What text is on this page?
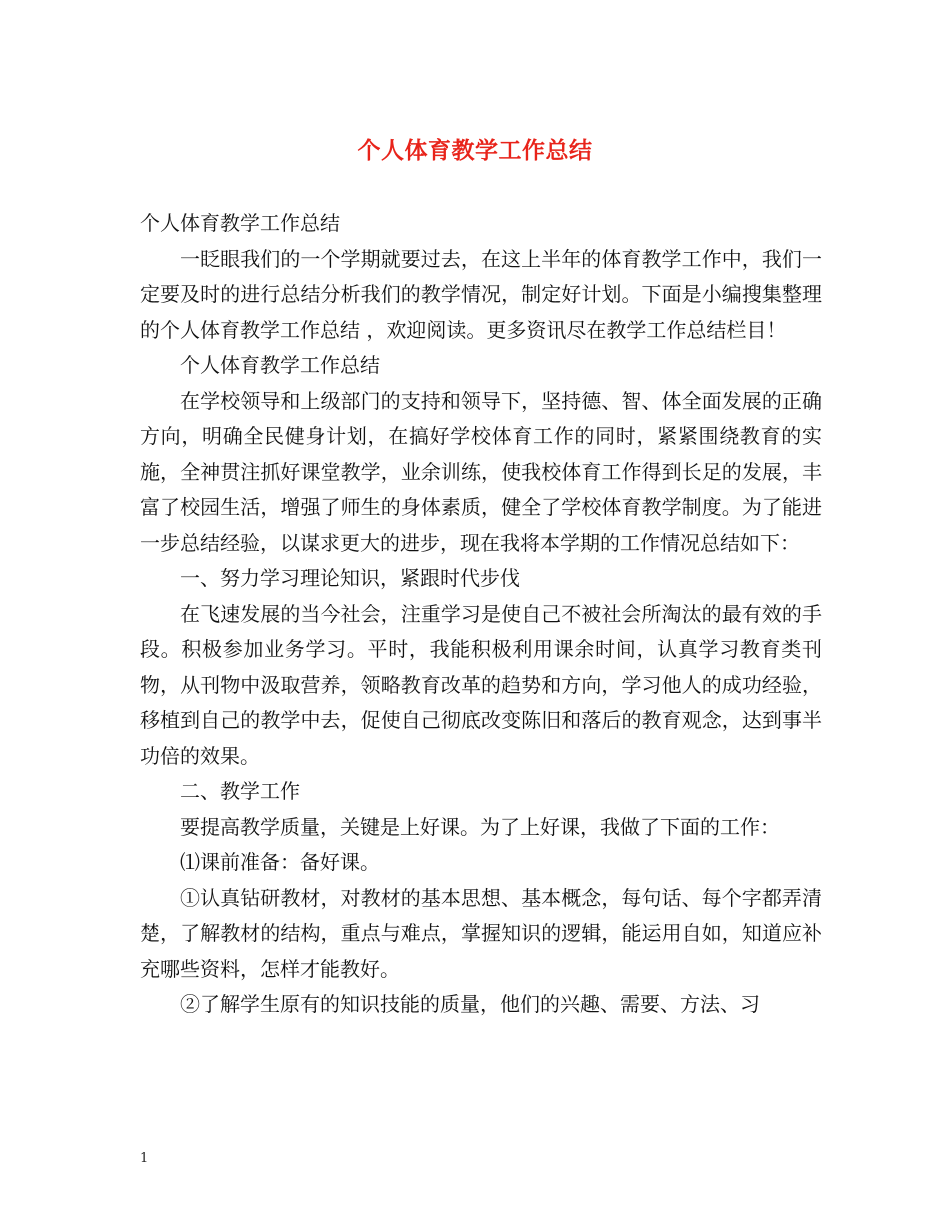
个人体育教学工作总结

个人体育教学工作总结

一眨眼我们的一个学期就要过去，在这上半年的体育教学工作中，我们一定要及时的进行总结分析我们的教学情况，制定好计划。下面是小编搜集整理的个人体育教学工作总结 ，欢迎阅读。更多资讯尽在教学工作总结栏目！

个人体育教学工作总结

在学校领导和上级部门的支持和领导下，坚持德、智、体全面发展的正确方向，明确全民健身计划，在搞好学校体育工作的同时，紧紧围绕教育的实施，全神贯注抓好课堂教学，业余训练，使我校体育工作得到长足的发展，丰富了校园生活，增强了师生的身体素质，健全了学校体育教学制度。为了能进一步总结经验，以谋求更大的进步，现在我将本学期的工作情况总结如下：

一、努力学习理论知识，紧跟时代步伐

在飞速发展的当今社会，注重学习是使自己不被社会所淘汰的最有效的手段。积极参加业务学习。平时，我能积极利用课余时间，认真学习教育类刊物，从刊物中汲取营养，领略教育改革的趋势和方向，学习他人的成功经验，移植到自己的教学中去，促使自己彻底改变陈旧和落后的教育观念，达到事半功倍的效果。

二、教学工作

要提高教学质量，关键是上好课。为了上好课，我做了下面的工作：

⑴课前准备：备好课。

①认真钻研教材，对教材的基本思想、基本概念，每句话、每个字都弄清楚，了解教材的结构，重点与难点，掌握知识的逻辑，能运用自如，知道应补充哪些资料，怎样才能教好。

②了解学生原有的知识技能的质量，他们的兴趣、需要、方法、习

1
